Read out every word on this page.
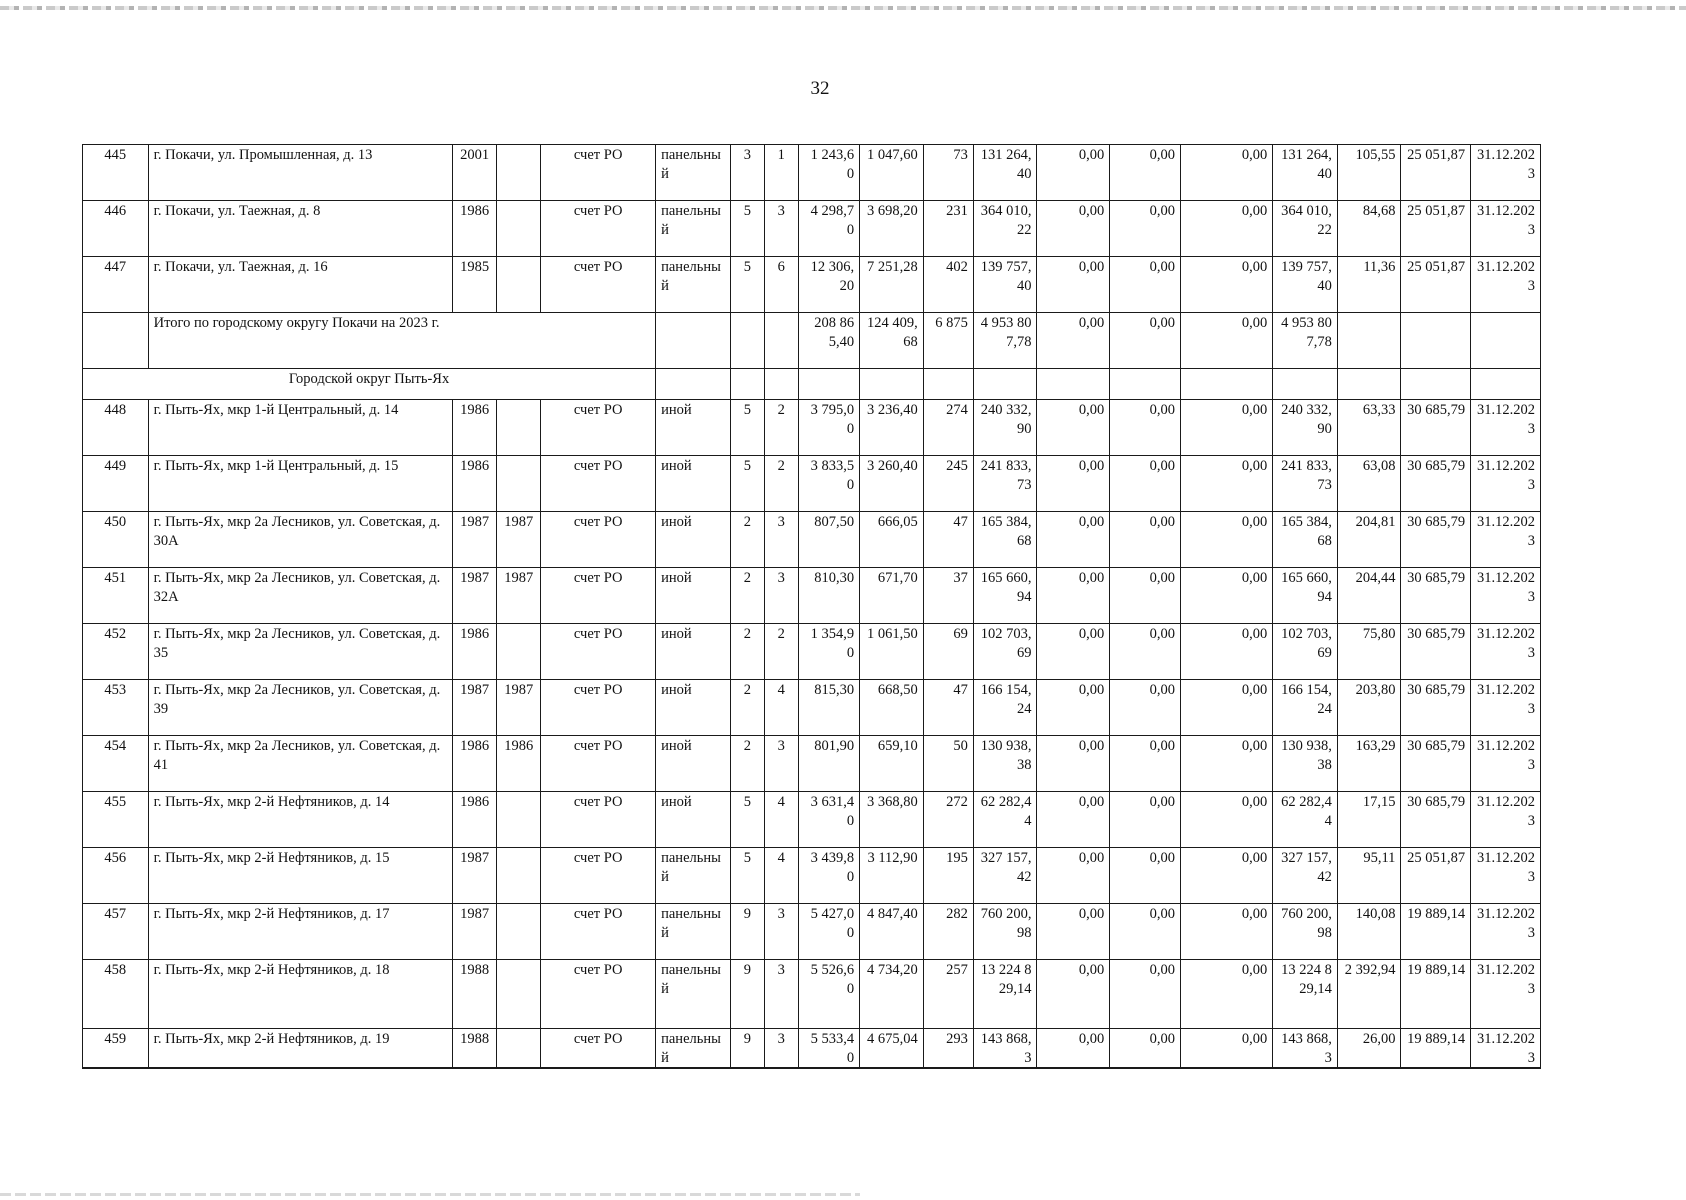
32
445	г. Покачи, ул. Промышленная, д. 13	2001		счет РО	панельный	3	1	1 243,60	1 047,60	73	131 264,40	0,00	0,00	0,00	131 264,40	105,55	25 051,87	31.12.2023
446	г. Покачи, ул. Таежная, д. 8	1986		счет РО	панельный	5	3	4 298,70	3 698,20	231	364 010,22	0,00	0,00	0,00	364 010,22	84,68	25 051,87	31.12.2023
447	г. Покачи, ул. Таежная, д. 16	1985		счет РО	панельный	5	6	12 306,20	7 251,28	402	139 757,40	0,00	0,00	0,00	139 757,40	11,36	25 051,87	31.12.2023
	Итого по городскому округу Покачи на 2023 г.							208 865,40	124 409,68	6 875	4 953 807,78	0,00	0,00	0,00	4 953 807,78			
Городской округ Пыть-Ях																		
448	г. Пыть-Ях, мкр 1-й Центральный, д. 14	1986		счет РО	иной	5	2	3 795,00	3 236,40	274	240 332,90	0,00	0,00	0,00	240 332,90	63,33	30 685,79	31.12.2023
449	г. Пыть-Ях, мкр 1-й Центральный, д. 15	1986		счет РО	иной	5	2	3 833,50	3 260,40	245	241 833,73	0,00	0,00	0,00	241 833,73	63,08	30 685,79	31.12.2023
450	г. Пыть-Ях, мкр 2а Лесников, ул. Советская, д. 30А	1987	1987	счет РО	иной	2	3	807,50	666,05	47	165 384,68	0,00	0,00	0,00	165 384,68	204,81	30 685,79	31.12.2023
451	г. Пыть-Ях, мкр 2а Лесников, ул. Советская, д. 32А	1987	1987	счет РО	иной	2	3	810,30	671,70	37	165 660,94	0,00	0,00	0,00	165 660,94	204,44	30 685,79	31.12.2023
452	г. Пыть-Ях, мкр 2а Лесников, ул. Советская, д. 35	1986		счет РО	иной	2	2	1 354,90	1 061,50	69	102 703,69	0,00	0,00	0,00	102 703,69	75,80	30 685,79	31.12.2023
453	г. Пыть-Ях, мкр 2а Лесников, ул. Советская, д. 39	1987	1987	счет РО	иной	2	4	815,30	668,50	47	166 154,24	0,00	0,00	0,00	166 154,24	203,80	30 685,79	31.12.2023
454	г. Пыть-Ях, мкр 2а Лесников, ул. Советская, д. 41	1986	1986	счет РО	иной	2	3	801,90	659,10	50	130 938,38	0,00	0,00	0,00	130 938,38	163,29	30 685,79	31.12.2023
455	г. Пыть-Ях, мкр 2-й Нефтяников, д. 14	1986		счет РО	иной	5	4	3 631,40	3 368,80	272	62 282,44	0,00	0,00	0,00	62 282,44	17,15	30 685,79	31.12.2023
456	г. Пыть-Ях, мкр 2-й Нефтяников, д. 15	1987		счет РО	панельный	5	4	3 439,80	3 112,90	195	327 157,42	0,00	0,00	0,00	327 157,42	95,11	25 051,87	31.12.2023
457	г. Пыть-Ях, мкр 2-й Нефтяников, д. 17	1987		счет РО	панельный	9	3	5 427,00	4 847,40	282	760 200,98	0,00	0,00	0,00	760 200,98	140,08	19 889,14	31.12.2023
458	г. Пыть-Ях, мкр 2-й Нефтяников, д. 18	1988		счет РО	панельный	9	3	5 526,60	4 734,20	257	13 224 829,14	0,00	0,00	0,00	13 224 829,14	2 392,94	19 889,14	31.12.2023
459	г. Пыть-Ях, мкр 2-й Нефтяников, д. 19	1988		счет РО	панельный	9	3	5 533,40	4 675,04	293	143 868,3	0,00	0,00	0,00	143 868,3	26,00	19 889,14	31.12.2023
